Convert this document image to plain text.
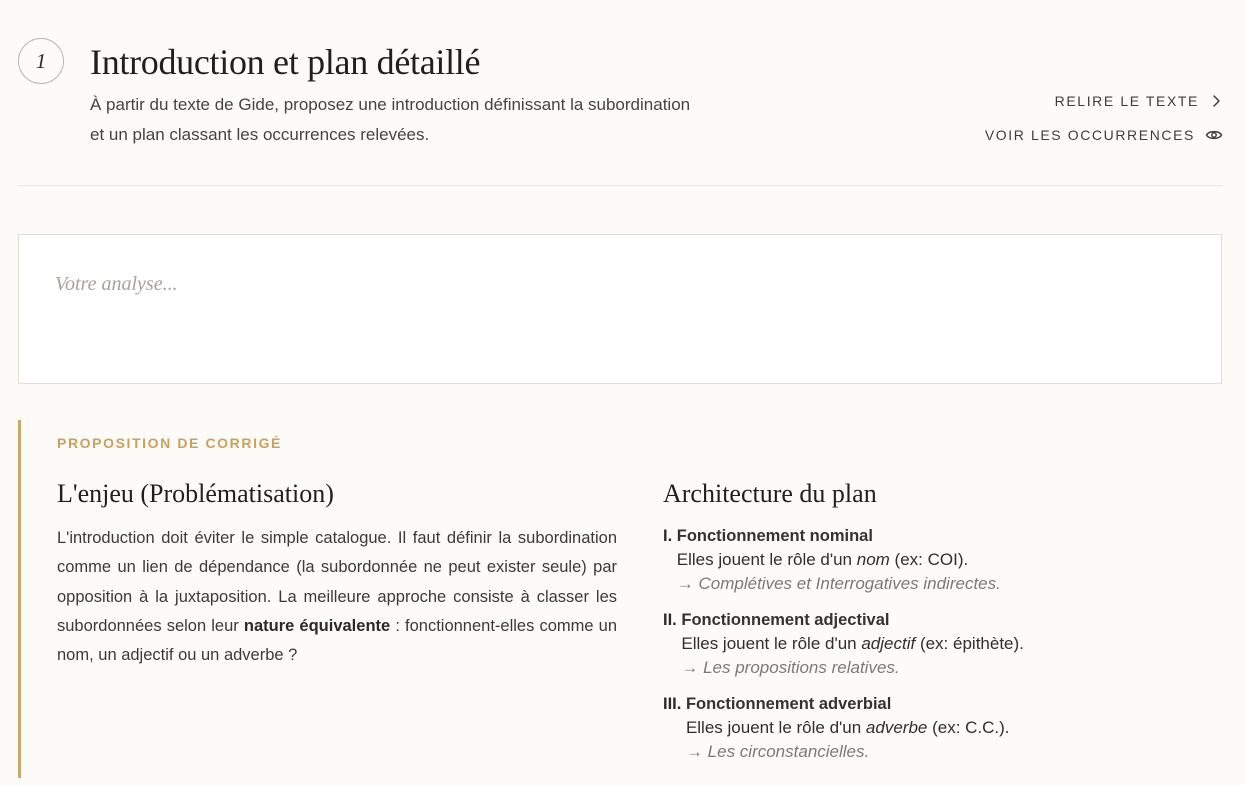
1	Introduction et plan détaillé
À partir du texte de Gide, proposez une introduction définissant la subordination
et un plan classant les occurrences relevées.
RELIRE LE TEXTE
VOIR LES OCCURRENCES
Votre analyse...
PROPOSITION DE CORRIGÉ
L'enjeu (Problématisation)

L'introduction doit éviter le simple catalogue. Il faut définir la subordination comme un lien de dépendance (la subordonnée ne peut exister seule) par opposition à la juxtaposition. La meilleure approche consiste à classer les subordonnées selon leur nature équivalente : fonctionnent-elles comme un nom, un adjectif ou un adverbe ?

Architecture du plan
I.
Fonctionnement nominal
Elles jouent le rôle d'un nom (ex: COI).
→ Complétives et Interrogatives indirectes.
II.
Fonctionnement adjectival
Elles jouent le rôle d'un adjectif (ex: épithète).
→ Les propositions relatives.
III.
Fonctionnement adverbial
Elles jouent le rôle d'un adverbe (ex: C.C.).
→ Les circonstancielles.
